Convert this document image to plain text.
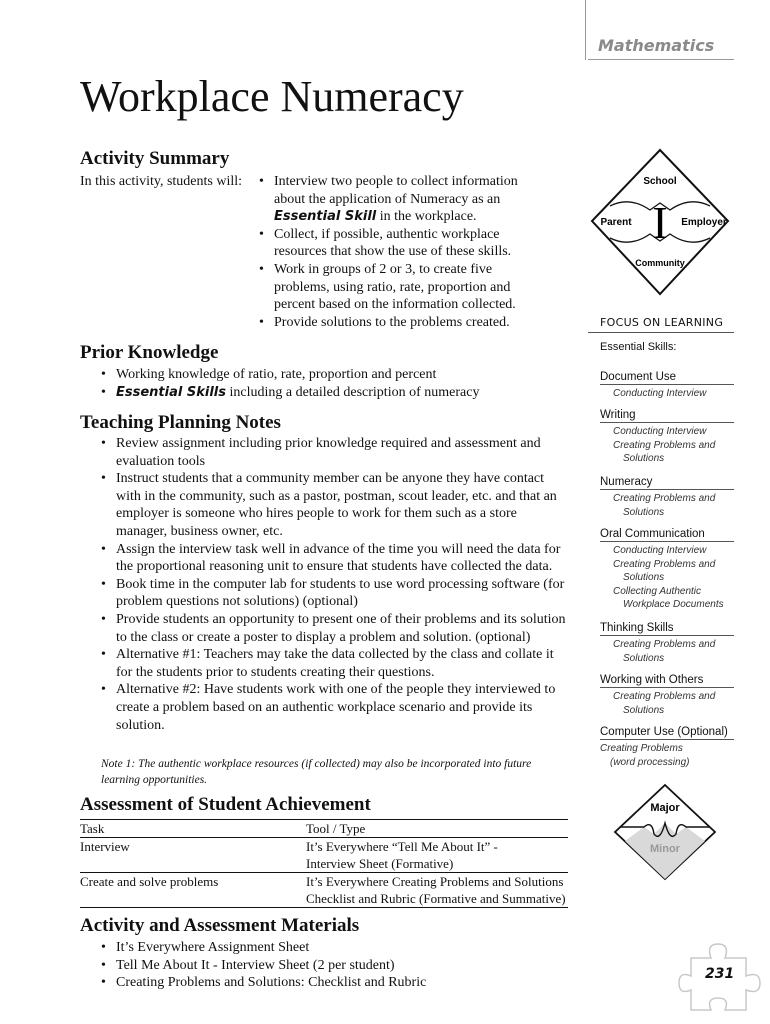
Mathematics
Workplace Numeracy
Activity Summary
In this activity, students will:	• Interview two people to collect information about the application of Numeracy as an Essential Skill in the workplace.
• Collect, if possible, authentic workplace resources that show the use of these skills.
• Work in groups of 2 or 3, to create five problems, using ratio, rate, proportion and percent based on the information collected.
• Provide solutions to the problems created.
School
Parent	Employer
Community
I
FOCUS ON LEARNING
Essential Skills:
Document Use
Conducting Interview
Writing
Conducting Interview
Creating Problems and
Solutions
Numeracy
Creating Problems and
Solutions
Oral Communication
Conducting Interview
Creating Problems and
Solutions
Collecting Authentic
Workplace Documents
Thinking Skills
Creating Problems and
Solutions
Working with Others
Creating Problems and
Solutions
Computer Use (Optional)
Creating Problems
(word processing)
Major
Minor
Prior Knowledge
• Working knowledge of ratio, rate, proportion and percent
• Essential Skills including a detailed description of numeracy
Teaching Planning Notes
• Review assignment including prior knowledge required and assessment and evaluation tools
• Instruct students that a community member can be anyone they have contact with in the community, such as a pastor, postman, scout leader, etc. and that an employer is someone who hires people to work for them such as a store manager, business owner, etc.
• Assign the interview task well in advance of the time you will need the data for the proportional reasoning unit to ensure that students have collected the data.
• Book time in the computer lab for students to use word processing software (for problem questions not solutions) (optional)
• Provide students an opportunity to present one of their problems and its solution to the class or create a poster to display a problem and solution. (optional)
• Alternative #1: Teachers may take the data collected by the class and collate it for the students prior to students creating their questions.
• Alternative #2: Have students work with one of the people they interviewed to create a problem based on an authentic workplace scenario and provide its solution.
Note 1: The authentic workplace resources (if collected) may also be incorporated into future learning opportunities.
Assessment of Student Achievement
Task	Tool / Type
Interview	It’s Everywhere “Tell Me About It” -
Interview Sheet (Formative)

Create and solve problems	It’s Everywhere Creating Problems and Solutions
Checklist and Rubric (Formative and Summative)
Activity and Assessment Materials
• It’s Everywhere Assignment Sheet
• Tell Me About It - Interview Sheet (2 per student)
• Creating Problems and Solutions: Checklist and Rubric
231
